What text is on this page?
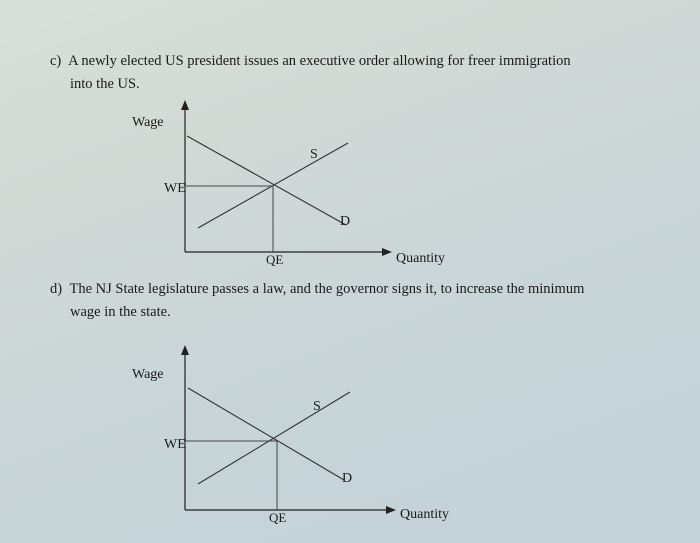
c) A newly elected US president issues an executive order allowing for freer immigration
into the US.
Wage
Quantity
S
D
WE
QE
d) The NJ State legislature passes a law, and the governor signs it, to increase the minimum
wage in the state.
Wage
Quantity
S
D
WE
QE
